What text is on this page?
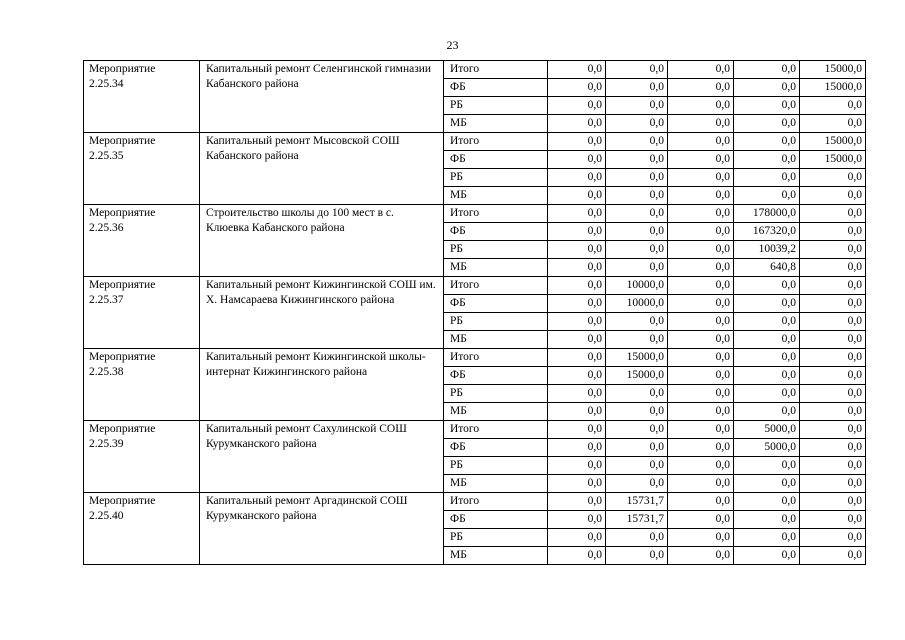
23
Мероприятие
2.25.34	Капитальный ремонт Селенгинской гимназии Кабанского района	Итого	0,0	0,0	0,0	0,0	15000,0
		ФБ	0,0	0,0	0,0	0,0	15000,0
		РБ	0,0	0,0	0,0	0,0	0,0
		МБ	0,0	0,0	0,0	0,0	0,0

Мероприятие
2.25.35	Капитальный ремонт Мысовской СОШ Кабанского района	Итого	0,0	0,0	0,0	0,0	15000,0
		ФБ	0,0	0,0	0,0	0,0	15000,0
		РБ	0,0	0,0	0,0	0,0	0,0
		МБ	0,0	0,0	0,0	0,0	0,0

Мероприятие
2.25.36	Строительство школы до 100 мест в с. Клюевка Кабанского района	Итого	0,0	0,0	0,0	178000,0	0,0
		ФБ	0,0	0,0	0,0	167320,0	0,0
		РБ	0,0	0,0	0,0	10039,2	0,0
		МБ	0,0	0,0	0,0	640,8	0,0

Мероприятие
2.25.37	Капитальный ремонт Кижингинской СОШ им. Х. Намсараева Кижингинского района	Итого	0,0	10000,0	0,0	0,0	0,0
		ФБ	0,0	10000,0	0,0	0,0	0,0
		РБ	0,0	0,0	0,0	0,0	0,0
		МБ	0,0	0,0	0,0	0,0	0,0

Мероприятие
2.25.38	Капитальный ремонт Кижингинской школы-интернат Кижингинского района	Итого	0,0	15000,0	0,0	0,0	0,0
		ФБ	0,0	15000,0	0,0	0,0	0,0
		РБ	0,0	0,0	0,0	0,0	0,0
		МБ	0,0	0,0	0,0	0,0	0,0

Мероприятие
2.25.39	Капитальный ремонт Сахулинской СОШ Курумканского района	Итого	0,0	0,0	0,0	5000,0	0,0
		ФБ	0,0	0,0	0,0	5000,0	0,0
		РБ	0,0	0,0	0,0	0,0	0,0
		МБ	0,0	0,0	0,0	0,0	0,0

Мероприятие
2.25.40	Капитальный ремонт Аргадинской СОШ Курумканского района	Итого	0,0	15731,7	0,0	0,0	0,0
		ФБ	0,0	15731,7	0,0	0,0	0,0
		РБ	0,0	0,0	0,0	0,0	0,0
		МБ	0,0	0,0	0,0	0,0	0,0
